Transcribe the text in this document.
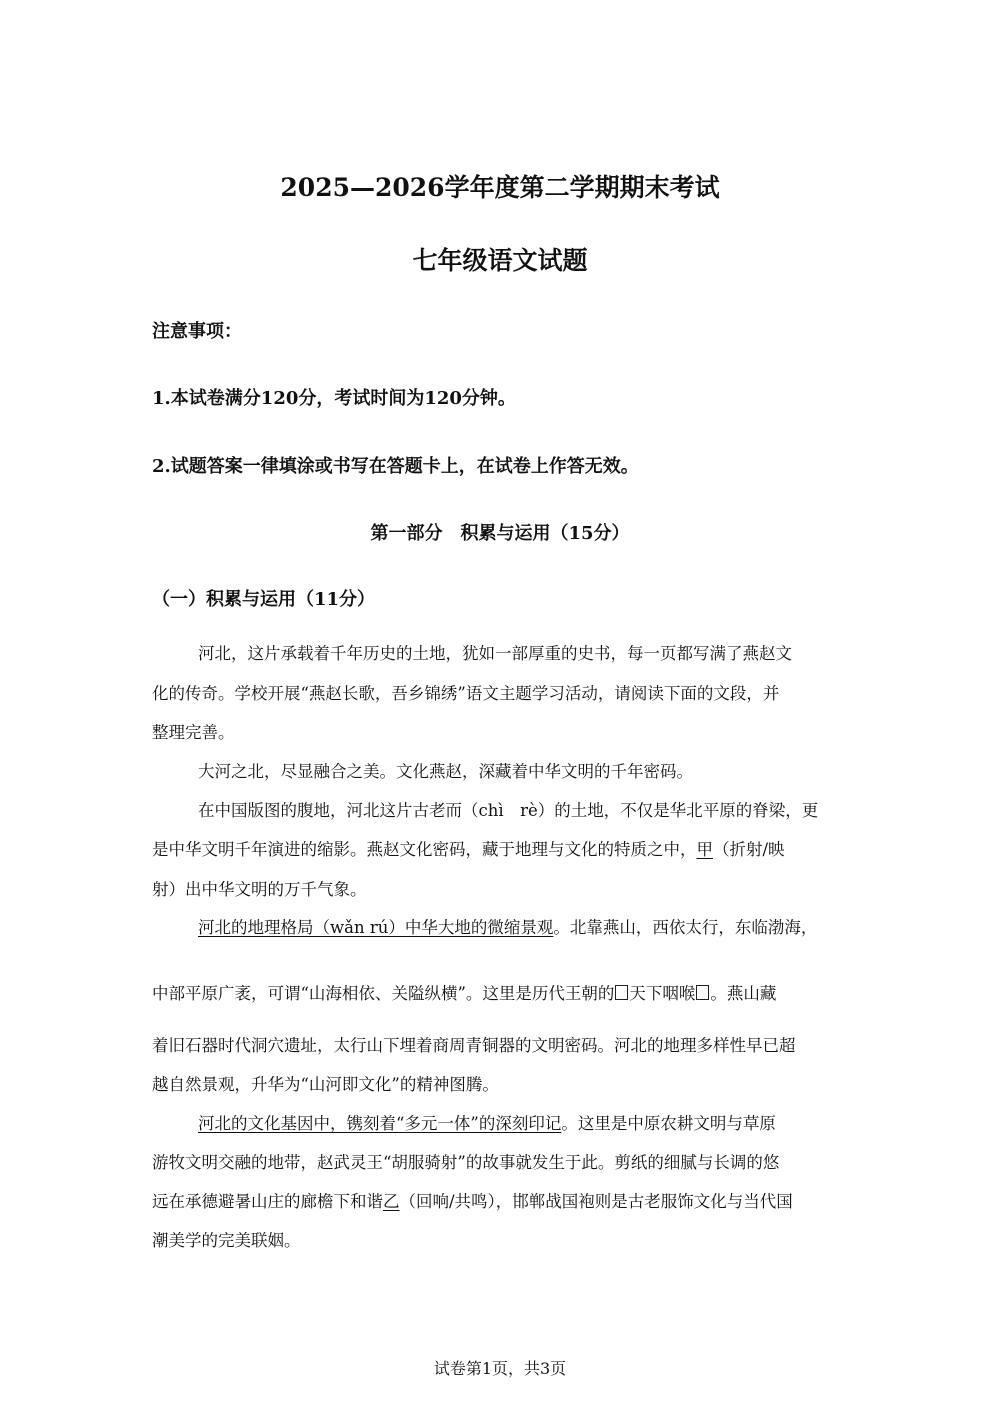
2025—2026学年度第二学期期末考试
七年级语文试题
注意事项：
1.本试卷满分120分，考试时间为120分钟。
2.试题答案一律填涂或书写在答题卡上，在试卷上作答无效。
第一部分　积累与运用（15分）
（一）积累与运用（11分）
河北，这片承载着千年历史的土地，犹如一部厚重的史书，每一页都写满了燕赵文
化的传奇。学校开展“燕赵长歌，吾乡锦绣”语文主题学习活动，请阅读下面的文段，并
整理完善。
大河之北，尽显融合之美。文化燕赵，深藏着中华文明的千年密码。
在中国版图的腹地，河北这片古老而（chì　rè）的土地，不仅是华北平原的脊梁，更
是中华文明千年演进的缩影。燕赵文化密码，藏于地理与文化的特质之中，甲（折射/映
射）出中华文明的万千气象。
河北的地理格局（wǎn rú）中华大地的微缩景观。北靠燕山，西依太行，东临渤海，
中部平原广袤，可谓“山海相依、关隘纵横”。这里是历代王朝的 天下咽喉 。燕山藏
着旧石器时代洞穴遗址，太行山下埋着商周青铜器的文明密码。河北的地理多样性早已超
越自然景观，升华为“山河即文化”的精神图腾。
河北的文化基因中，镌刻着“多元一体”的深刻印记。这里是中原农耕文明与草原
游牧文明交融的地带，赵武灵王“胡服骑射”的故事就发生于此。剪纸的细腻与长调的悠
远在承德避暑山庄的廊檐下和谐乙（回响/共鸣），邯郸战国袍则是古老服饰文化与当代国
潮美学的完美联姻。
试卷第1页，共3页
